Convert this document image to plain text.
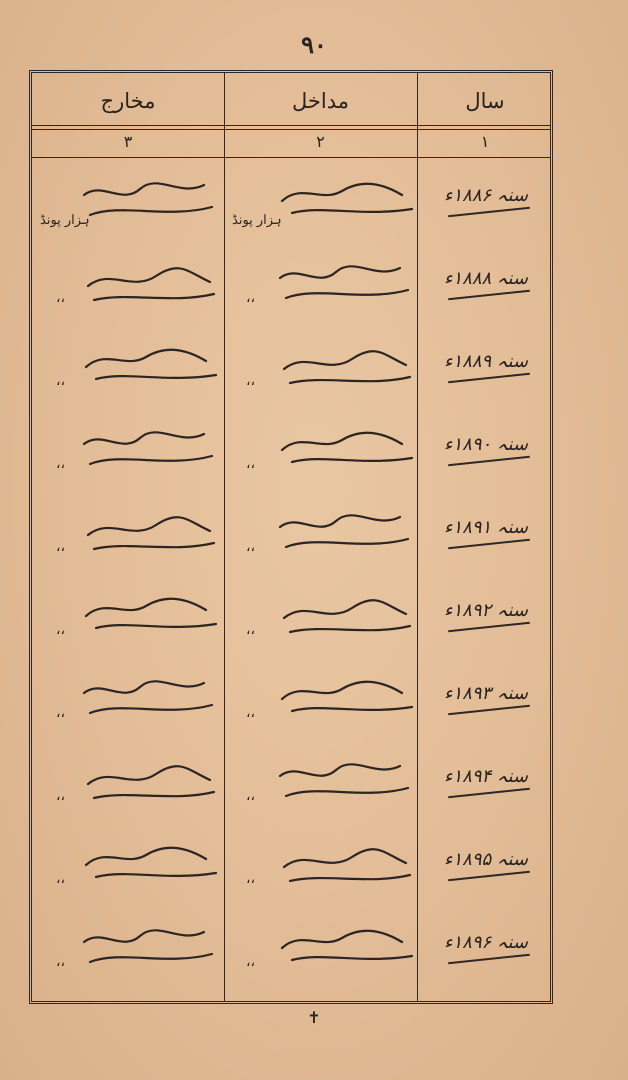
۹۰
سال
مداخل
مخارج
۱
۲
۳
سنہ ۱۸۸۶ء
ہزار پونڈ
ہزار پونڈ
سنہ ۱۸۸۸ء
،،
،،
سنہ ۱۸۸۹ء
،،
،،
سنہ ۱۸۹۰ء
،،
،،
سنہ ۱۸۹۱ء
،،
،،
سنہ ۱۸۹۲ء
،،
،،
سنہ ۱۸۹۳ء
،،
،،
سنہ ۱۸۹۴ء
،،
،،
سنہ ۱۸۹۵ء
،،
،،
سنہ ۱۸۹۶ء
،،
،،
✝
